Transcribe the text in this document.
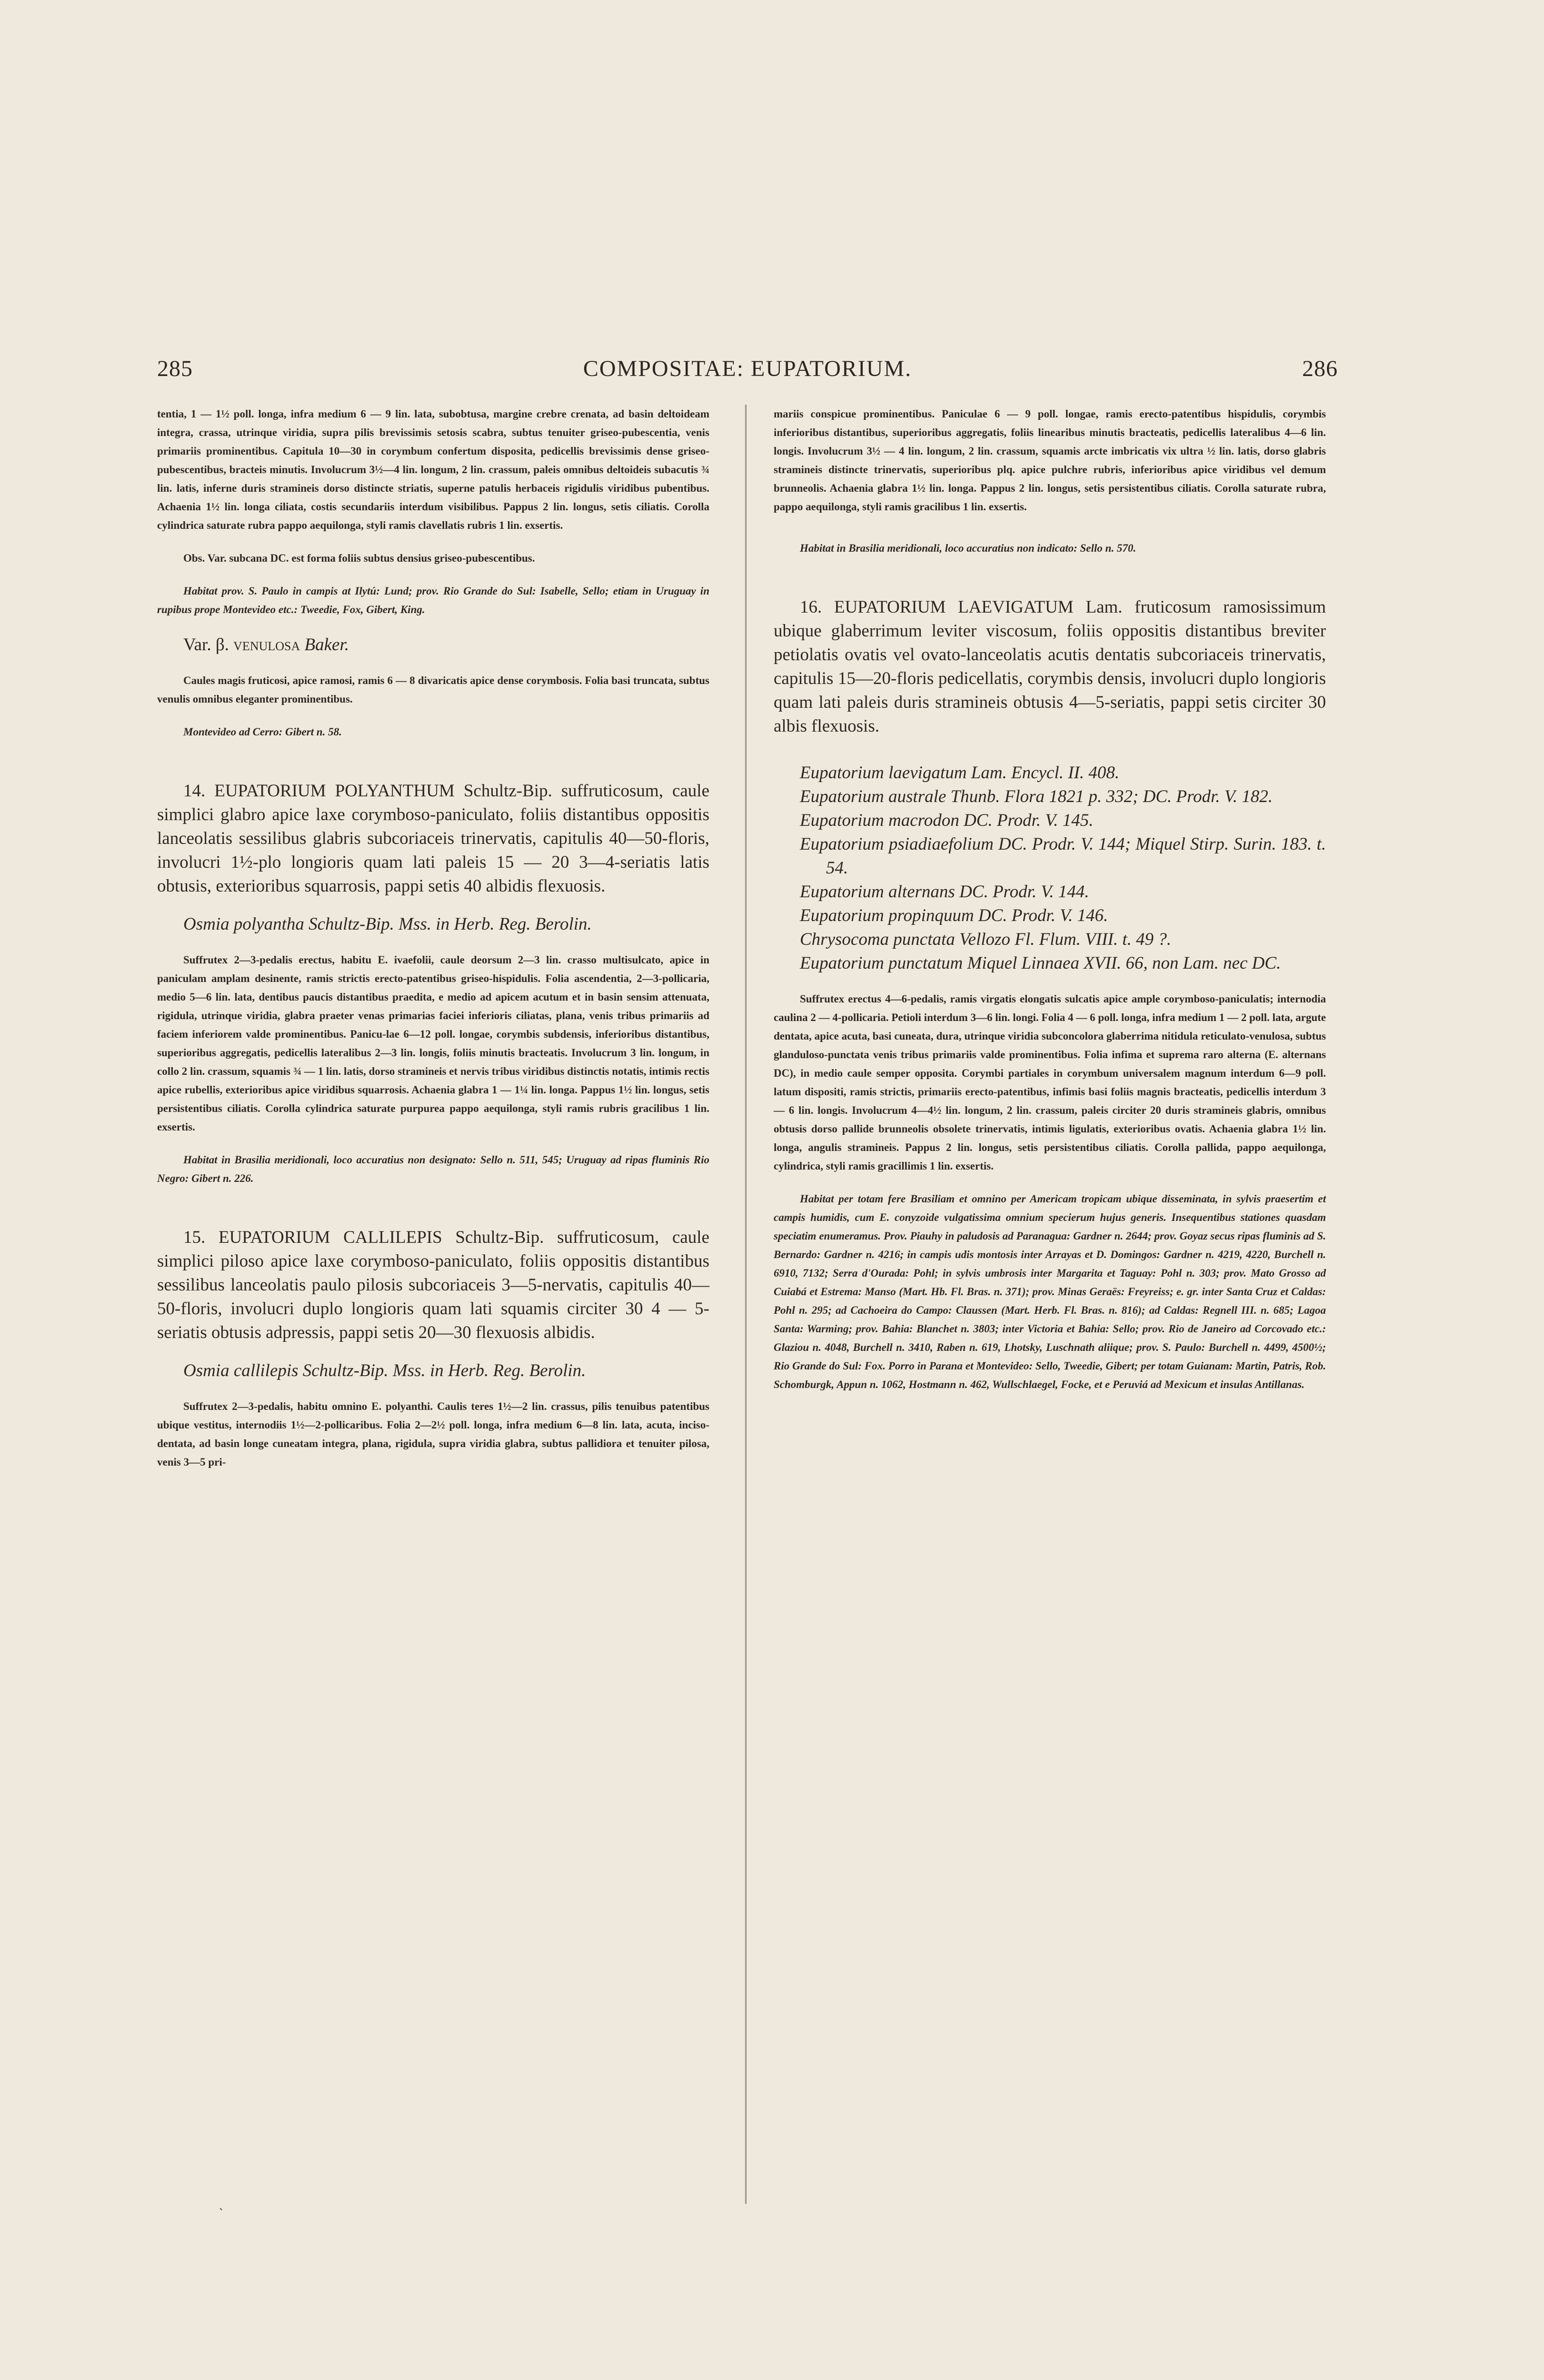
285	COMPOSITAE: EUPATORIUM.	286

tentia, 1 — 1½ poll. longa, infra medium 6 — 9 lin. lata, subobtusa, margine crebre crenata, ad basin deltoideam integra, crassa, utrinque viridia, supra pilis brevissimis setosis scabra, subtus tenuiter griseo-pubescentia, venis primariis prominentibus. Capitula 10—30 in corymbum confertum disposita, pedicellis brevissimis dense griseo-pubescentibus, bracteis minutis. Involucrum 3½—4 lin. longum, 2 lin. crassum, paleis omnibus deltoideis subacutis ¾ lin. latis, inferne duris stramineis dorso distincte striatis, superne patulis herbaceis rigidulis viridibus pubentibus. Achaenia 1½ lin. longa ciliata, costis secundariis interdum visibilibus. Pappus 2 lin. longus, setis ciliatis. Corolla cylindrica saturate rubra pappo aequilonga, styli ramis clavellatis rubris 1 lin. exsertis.

Obs. Var. subcana DC. est forma foliis subtus densius griseo-pubescentibus.

Habitat prov. S. Paulo in campis at Ilytú: Lund; prov. Rio Grande do Sul: Isabelle, Sello; etiam in Uruguay in rupibus prope Montevideo etc.: Tweedie, Fox, Gibert, King.

Var. β. venulosa Baker.

Caules magis fruticosi, apice ramosi, ramis 6 — 8 divaricatis apice dense corymbosis. Folia basi truncata, subtus venulis omnibus eleganter prominentibus.

Montevideo ad Cerro: Gibert n. 58.

14. EUPATORIUM POLYANTHUM Schultz-Bip. suffruticosum, caule simplici glabro apice laxe corymboso-paniculato, foliis distantibus oppositis lanceolatis sessilibus glabris subcoriaceis trinervatis, capitulis 40—50-floris, involucri 1½-plo longioris quam lati paleis 15 — 20 3—4-seriatis latis obtusis, exterioribus squarrosis, pappi setis 40 albidis flexuosis.

Osmia polyantha Schultz-Bip. Mss. in Herb. Reg. Berolin.

Suffrutex 2—3-pedalis erectus, habitu E. ivaefolii, caule deorsum 2—3 lin. crasso multisulcato, apice in paniculam amplam desinente, ramis strictis erecto-patentibus griseo-hispidulis. Folia ascendentia, 2—3-pollicaria, medio 5—6 lin. lata, dentibus paucis distantibus praedita, e medio ad apicem acutum et in basin sensim attenuata, rigidula, utrinque viridia, glabra praeter venas primarias faciei inferioris ciliatas, plana, venis tribus primariis ad faciem inferiorem valde prominentibus. Panicu-lae 6—12 poll. longae, corymbis subdensis, inferioribus distantibus, superioribus aggregatis, pedicellis lateralibus 2—3 lin. longis, foliis minutis bracteatis. Involucrum 3 lin. longum, in collo 2 lin. crassum, squamis ¾ — 1 lin. latis, dorso stramineis et nervis tribus viridibus distinctis notatis, intimis rectis apice rubellis, exterioribus apice viridibus squarrosis. Achaenia glabra 1 — 1¼ lin. longa. Pappus 1½ lin. longus, setis persistentibus ciliatis. Corolla cylindrica saturate purpurea pappo aequilonga, styli ramis rubris gracilibus 1 lin. exsertis.

Habitat in Brasilia meridionali, loco accuratius non designato: Sello n. 511, 545; Uruguay ad ripas fluminis Rio Negro: Gibert n. 226.

15. EUPATORIUM CALLILEPIS Schultz-Bip. suffruticosum, caule simplici piloso apice laxe corymboso-paniculato, foliis oppositis distantibus sessilibus lanceolatis paulo pilosis subcoriaceis 3—5-nervatis, capitulis 40—50-floris, involucri duplo longioris quam lati squamis circiter 30 4 — 5-seriatis obtusis adpressis, pappi setis 20—30 flexuosis albidis.

Osmia callilepis Schultz-Bip. Mss. in Herb. Reg. Berolin.

Suffrutex 2—3-pedalis, habitu omnino E. polyanthi. Caulis teres 1½—2 lin. crassus, pilis tenuibus patentibus ubique vestitus, internodiis 1½—2-pollicaribus. Folia 2—2½ poll. longa, infra medium 6—8 lin. lata, acuta, inciso-dentata, ad basin longe cuneatam integra, plana, rigidula, supra viridia glabra, subtus pallidiora et tenuiter pilosa, venis 3—5 pri-

mariis conspicue prominentibus. Paniculae 6 — 9 poll. longae, ramis erecto-patentibus hispidulis, corymbis inferioribus distantibus, superioribus aggregatis, foliis linearibus minutis bracteatis, pedicellis lateralibus 4—6 lin. longis. Involucrum 3½ — 4 lin. longum, 2 lin. crassum, squamis arcte imbricatis vix ultra ½ lin. latis, dorso glabris stramineis distincte trinervatis, superioribus plq. apice pulchre rubris, inferioribus apice viridibus vel demum brunneolis. Achaenia glabra 1½ lin. longa. Pappus 2 lin. longus, setis persistentibus ciliatis. Corolla saturate rubra, pappo aequilonga, styli ramis gracilibus 1 lin. exsertis.

Habitat in Brasilia meridionali, loco accuratius non indicato: Sello n. 570.

16. EUPATORIUM LAEVIGATUM Lam. fruticosum ramosissimum ubique glaberrimum leviter viscosum, foliis oppositis distantibus breviter petiolatis ovatis vel ovato-lanceolatis acutis dentatis subcoriaceis trinervatis, capitulis 15—20-floris pedicellatis, corymbis densis, involucri duplo longioris quam lati paleis duris stramineis obtusis 4—5-seriatis, pappi setis circiter 30 albis flexuosis.

Eupatorium laevigatum Lam. Encycl. II. 408.

Eupatorium australe Thunb. Flora 1821 p. 332; DC. Prodr. V. 182.

Eupatorium macrodon DC. Prodr. V. 145.

Eupatorium psiadiaefolium DC. Prodr. V. 144; Miquel Stirp. Surin. 183. t. 54.

Eupatorium alternans DC. Prodr. V. 144.

Eupatorium propinquum DC. Prodr. V. 146.

Chrysocoma punctata Vellozo Fl. Flum. VIII. t. 49 ?.

Eupatorium punctatum Miquel Linnaea XVII. 66, non Lam. nec DC.

Suffrutex erectus 4—6-pedalis, ramis virgatis elongatis sulcatis apice ample corymboso-paniculatis; internodia caulina 2 — 4-pollicaria. Petioli interdum 3—6 lin. longi. Folia 4 — 6 poll. longa, infra medium 1 — 2 poll. lata, argute dentata, apice acuta, basi cuneata, dura, utrinque viridia subconcolora glaberrima nitidula reticulato-venulosa, subtus glanduloso-punctata venis tribus primariis valde prominentibus. Folia infima et suprema raro alterna (E. alternans DC), in medio caule semper opposita. Corymbi partiales in corymbum universalem magnum interdum 6—9 poll. latum dispositi, ramis strictis, primariis erecto-patentibus, infimis basi foliis magnis bracteatis, pedicellis interdum 3 — 6 lin. longis. Involucrum 4—4½ lin. longum, 2 lin. crassum, paleis circiter 20 duris stramineis glabris, omnibus obtusis dorso pallide brunneolis obsolete trinervatis, intimis ligulatis, exterioribus ovatis. Achaenia glabra 1½ lin. longa, angulis stramineis. Pappus 2 lin. longus, setis persistentibus ciliatis. Corolla pallida, pappo aequilonga, cylindrica, styli ramis gracillimis 1 lin. exsertis.

Habitat per totam fere Brasiliam et omnino per Americam tropicam ubique disseminata, in sylvis praesertim et campis humidis, cum E. conyzoide vulgatissima omnium specierum hujus generis. Insequentibus stationes quasdam speciatim enumeramus. Prov. Piauhy in paludosis ad Paranagua: Gardner n. 2644; prov. Goyaz secus ripas fluminis ad S. Bernardo: Gardner n. 4216; in campis udis montosis inter Arrayas et D. Domingos: Gardner n. 4219, 4220, Burchell n. 6910, 7132; Serra d'Ourada: Pohl; in sylvis umbrosis inter Margarita et Taguay: Pohl n. 303; prov. Mato Grosso ad Cuiabá et Estrema: Manso (Mart. Hb. Fl. Bras. n. 371); prov. Minas Geraës: Freyreiss; e. gr. inter Santa Cruz et Caldas: Pohl n. 295; ad Cachoeira do Campo: Claussen (Mart. Herb. Fl. Bras. n. 816); ad Caldas: Regnell III. n. 685; Lagoa Santa: Warming; prov. Bahia: Blanchet n. 3803; inter Victoria et Bahia: Sello; prov. Rio de Janeiro ad Corcovado etc.: Glaziou n. 4048, Burchell n. 3410, Raben n. 619, Lhotsky, Luschnath aliique; prov. S. Paulo: Burchell n. 4499, 4500½; Rio Grande do Sul: Fox. Porro in Parana et Montevideo: Sello, Tweedie, Gibert; per totam Guianam: Martin, Patris, Rob. Schomburgk, Appun n. 1062, Hostmann n. 462, Wullschlaegel, Focke, et e Peruviá ad Mexicum et insulas Antillanas.

ˎ
